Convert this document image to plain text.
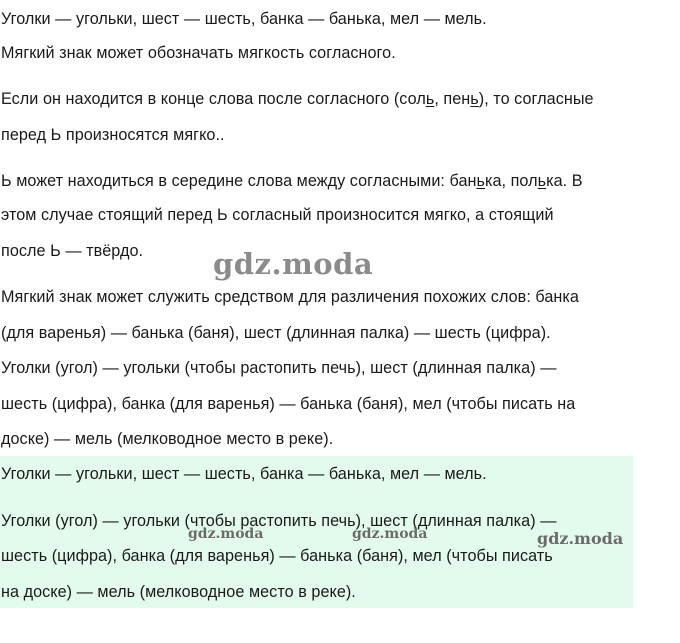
Уголки — угольки, шест — шесть, банка — банька, мел — мель.
Мягкий знак может обозначать мягкость согласного.
Если он находится в конце слова после согласного (соль, пень), то согласные
перед Ь произносятся мягко..
Ь может находиться в середине слова между согласными: банька, полька. В
этом случае стоящий перед Ь согласный произносится мягко, а стоящий
после Ь — твёрдо.
Мягкий знак может служить средством для различения похожих слов: банка
(для варенья) — банька (баня), шест (длинная палка) — шесть (цифра).
Уголки (угол) — угольки (чтобы растопить печь), шест (длинная палка) —
шесть (цифра), банка (для варенья) — банька (баня), мел (чтобы писать на
доске) — мель (мелководное место в реке).
Уголки — угольки, шест — шесть, банка — банька, мел — мель.
Уголки (угол) — угольки (чтобы растопить печь), шест (длинная палка) —
шесть (цифра), банка (для варенья) — банька (баня), мел (чтобы писать
на доске) — мель (мелководное место в реке).
gdz.moda
gdz.moda	gdz.moda	gdz.moda
